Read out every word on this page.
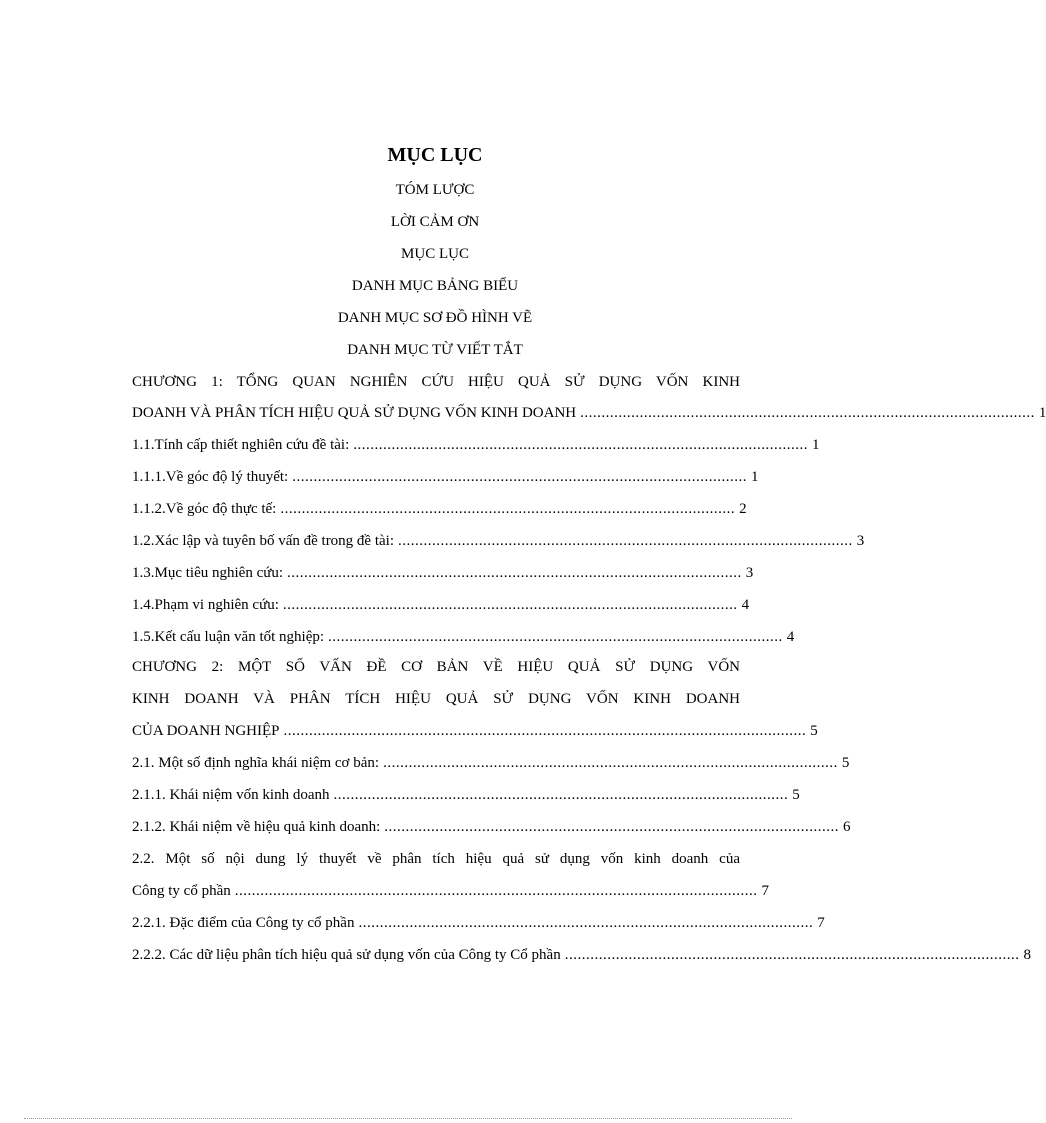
MỤC LỤC
TÓM LƯỢC
LỜI CẢM ƠN
MỤC LỤC
DANH MỤC BẢNG BIỂU
DANH MỤC SƠ ĐỒ HÌNH VẼ
DANH MỤC TỪ VIẾT TẮT
CHƯƠNG 1: TỔNG QUAN NGHIÊN CỨU HIỆU QUẢ SỬ DỤNG VỐN KINH
DOANH VÀ PHÂN TÍCH HIỆU QUẢ SỬ DỤNG VỐN KINH DOANH ........................................................................................................... 1
1.1. Tính cấp thiết nghiên cứu đề tài: ........................................................................................................... 1
1.1.1. Về góc độ lý thuyết: ........................................................................................................... 1
1.1.2. Về góc độ thực tế: ........................................................................................................... 2
1.2. Xác lập và tuyên bố vấn đề trong đề tài: ........................................................................................................... 3
1.3. Mục tiêu nghiên cứu: ........................................................................................................... 3
1.4. Phạm vi nghiên cứu: ........................................................................................................... 4
1.5. Kết cấu luận văn tốt nghiệp: ........................................................................................................... 4
CHƯƠNG 2: MỘT SỐ VẤN ĐỀ CƠ BẢN VỀ HIỆU QUẢ SỬ DỤNG VỐN
KINH DOANH VÀ PHÂN TÍCH HIỆU QUẢ SỬ DỤNG VỐN KINH DOANH
CỦA DOANH NGHIỆP ........................................................................................................................... 5
2.1. Một số định nghĩa khái niệm cơ bản: ........................................................................................................... 5
2.1.1. Khái niệm vốn kinh doanh ........................................................................................................... 5
2.1.2. Khái niệm về hiệu quả kinh doanh: ........................................................................................................... 6
2.2. Một số nội dung lý thuyết về phân tích hiệu quả sử dụng vốn kinh doanh của
Công ty cổ phần ........................................................................................................................... 7
2.2.1. Đặc điểm của Công ty cổ phần ........................................................................................................... 7
2.2.2. Các dữ liệu phân tích hiệu quả sử dụng vốn của Công ty Cổ phần ........................................................................................................... 8
